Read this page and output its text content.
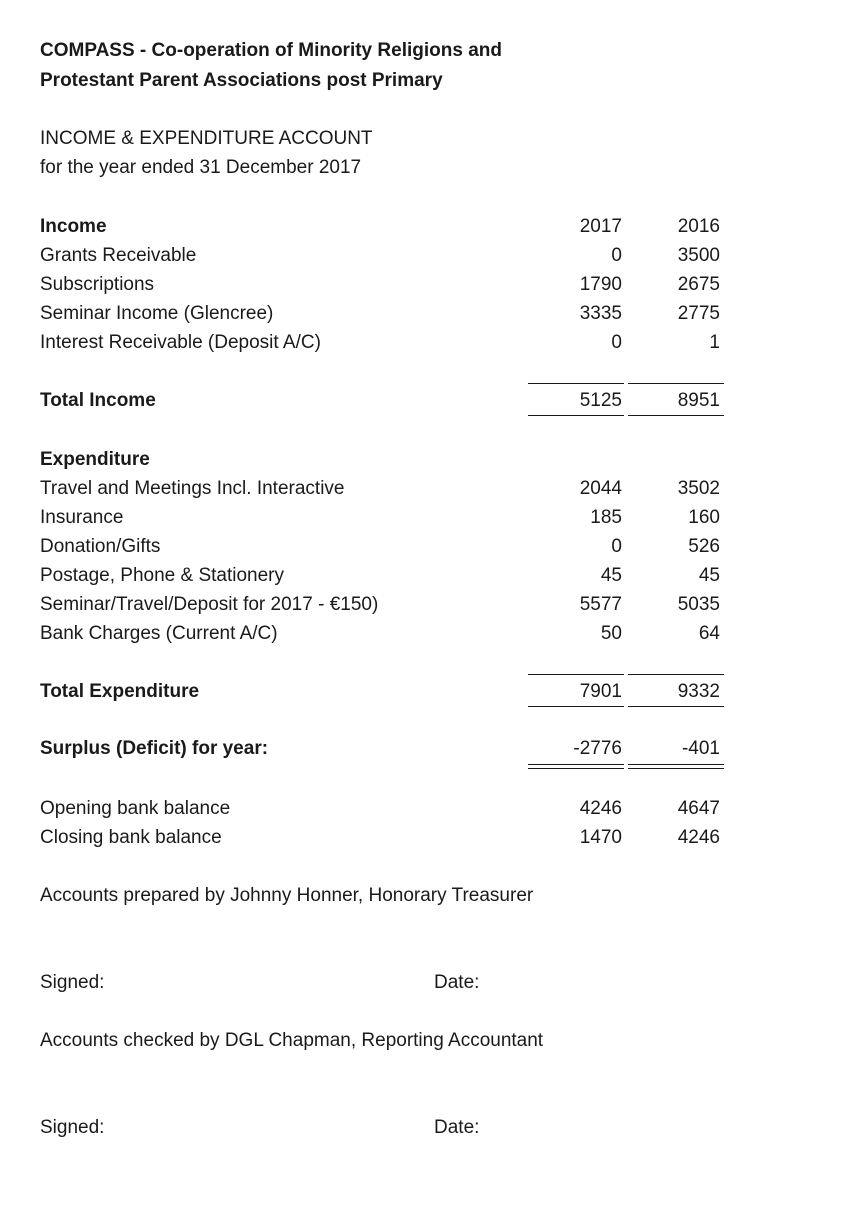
COMPASS - Co-operation of Minority Religions and
Protestant Parent Associations post Primary
INCOME & EXPENDITURE ACCOUNT
for the year ended 31 December 2017
Income	2017	2016
Grants Receivable	0	3500
Subscriptions	1790	2675
Seminar Income (Glencree)	3335	2775
Interest Receivable (Deposit A/C)	0	1
Total Income	5125	8951
Expenditure
Travel and Meetings Incl. Interactive	2044	3502
Insurance	185	160
Donation/Gifts	0	526
Postage, Phone & Stationery	45	45
Seminar/Travel/Deposit for 2017 - €150)	5577	5035
Bank Charges (Current A/C)	50	64
Total Expenditure	7901	9332
Surplus (Deficit) for year:	-2776	-401
Opening bank balance	4246	4647
Closing bank balance	1470	4246
Accounts prepared by Johnny Honner, Honorary Treasurer
Signed:	Date:
Accounts checked by DGL Chapman, Reporting Accountant
Signed:	Date:
